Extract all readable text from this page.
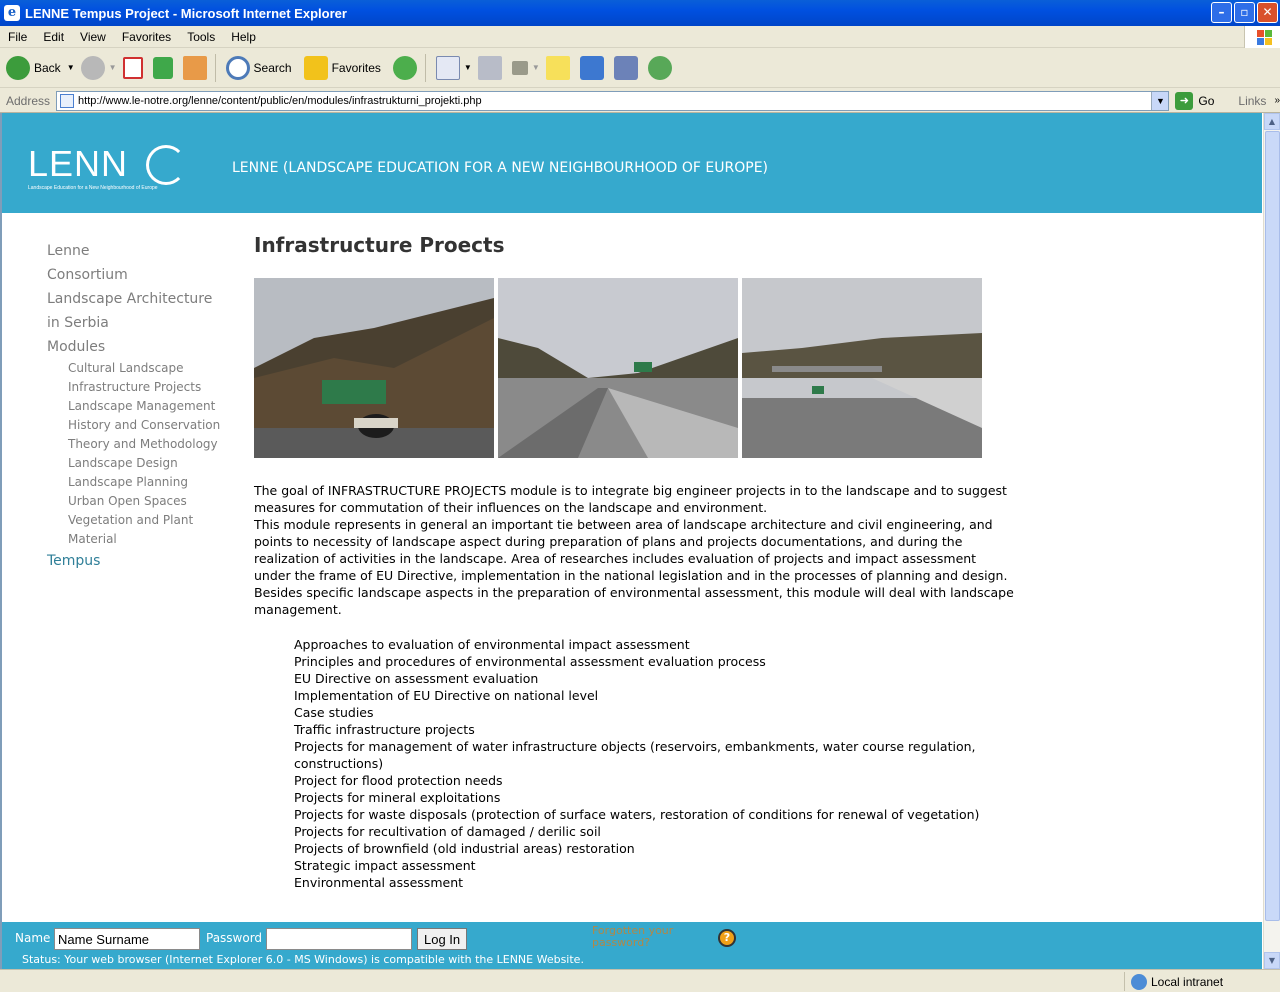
e LENNE Tempus Project - Microsoft Internet Explorer	–	▫	✕
File	Edit	View	Favorites	Tools	Help
Back ▼	▼	Search	Favorites	▼	▼
Address	http://www.le-notre.org/lenne/content/public/en/modules/infrastrukturni_projekti.php	▼	➜ Go Links »
LENN
Landscape Education for a New Neighbourhood of Europe
LENNE (LANDSCAPE EDUCATION FOR A NEW NEIGHBOURHOOD OF EUROPE)
Lenne
Consortium
Landscape Architecture
in Serbia
Modules
Cultural Landscape
Infrastructure Projects
Landscape Management
History and Conservation
Theory and Methodology
Landscape Design
Landscape Planning
Urban Open Spaces
Vegetation and Plant
Material
Tempus
Infrastructure Proects

The goal of INFRASTRUCTURE PROJECTS module is to integrate big engineer projects in to the landscape and to suggest measures for commutation of their influences on the landscape and environment.

This module represents in general an important tie between area of landscape architecture and civil engineering, and points to necessity of landscape aspect during preparation of plans and projects documentations, and during the realization of activities in the landscape. Area of researches includes evaluation of projects and impact assessment under the frame of EU Directive, implementation in the national legislation and in the processes of planning and design.

Besides specific landscape aspects in the preparation of environmental assessment, this module will deal with landscape management.

Approaches to evaluation of environmental impact assessment
Principles and procedures of environmental assessment evaluation process
EU Directive on assessment evaluation
Implementation of EU Directive on national level
Case studies
Traffic infrastructure projects
Projects for management of water infrastructure objects (reservoirs, embankments, water course regulation, constructions)
Project for flood protection needs
Projects for mineral exploitations
Projects for waste disposals (protection of surface waters, restoration of conditions for renewal of vegetation)
Projects for recultivation of damaged / derilic soil
Projects of brownfield (old industrial areas) restoration
Strategic impact assessment
Environmental assessment
Name
Name Surname	Password	Log In
Forgotten your password?	?
Status: Your web browser (Internet Explorer 6.0 - MS Windows) is compatible with the LENNE Website.
▲
▼
Local intranet
